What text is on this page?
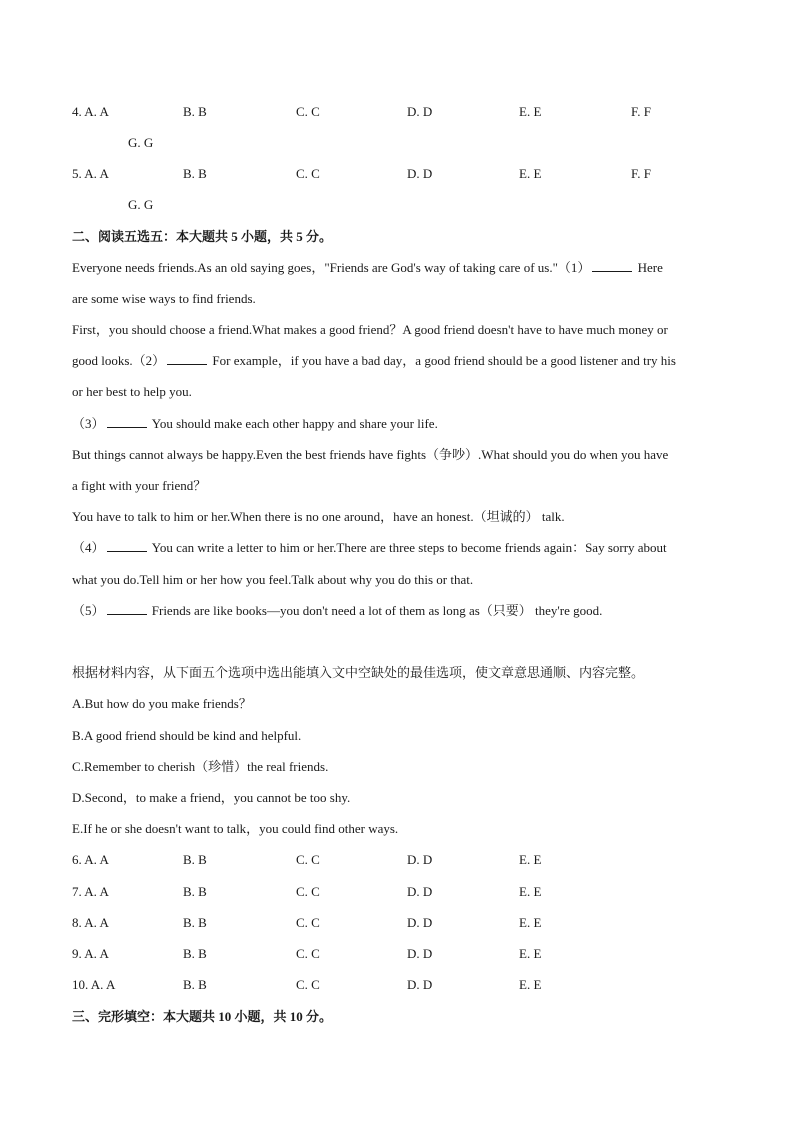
4. A. A	B. B	C. C	D. D	E. E	F. F
G. G
5. A. A	B. B	C. C	D. D	E. E	F. F
G. G
二、阅读五选五：本大题共 5 小题，共 5 分。
Everyone needs friends.As an old saying goes，"Friends are God's way of taking care of us."（1）	Here
are some wise ways to find friends.
First，you should choose a friend.What makes a good friend？A good friend doesn't have to have much money or
good looks.（2）	For example，if you have a bad day，a good friend should be a good listener and try his
or her best to help you.
（3）	You should make each other happy and share your life.
But things cannot always be happy.Even the best friends have fights（争吵）.What should you do when you have
a fight with your friend？
You have to talk to him or her.When there is no one around，have an honest.（坦诚的） talk.
（4）	You can write a letter to him or her.There are three steps to become friends again：Say sorry about
what you do.Tell him or her how you feel.Talk about why you do this or that.
（5）	Friends are like books—you don't need a lot of them as long as（只要） they're good.
根据材料内容，从下面五个选项中选出能填入文中空缺处的最佳选项，使文章意思通顺、内容完整。
A.But how do you make friends？
B.A good friend should be kind and helpful.
C.Remember to cherish（珍惜）the real friends.
D.Second，to make a friend，you cannot be too shy.
E.If he or she doesn't want to talk，you could find other ways.
6. A. A	B. B	C. C	D. D	E. E
7. A. A	B. B	C. C	D. D	E. E
8. A. A	B. B	C. C	D. D	E. E
9. A. A	B. B	C. C	D. D	E. E
10. A. A	B. B	C. C	D. D	E. E
三、完形填空：本大题共 10 小题，共 10 分。
